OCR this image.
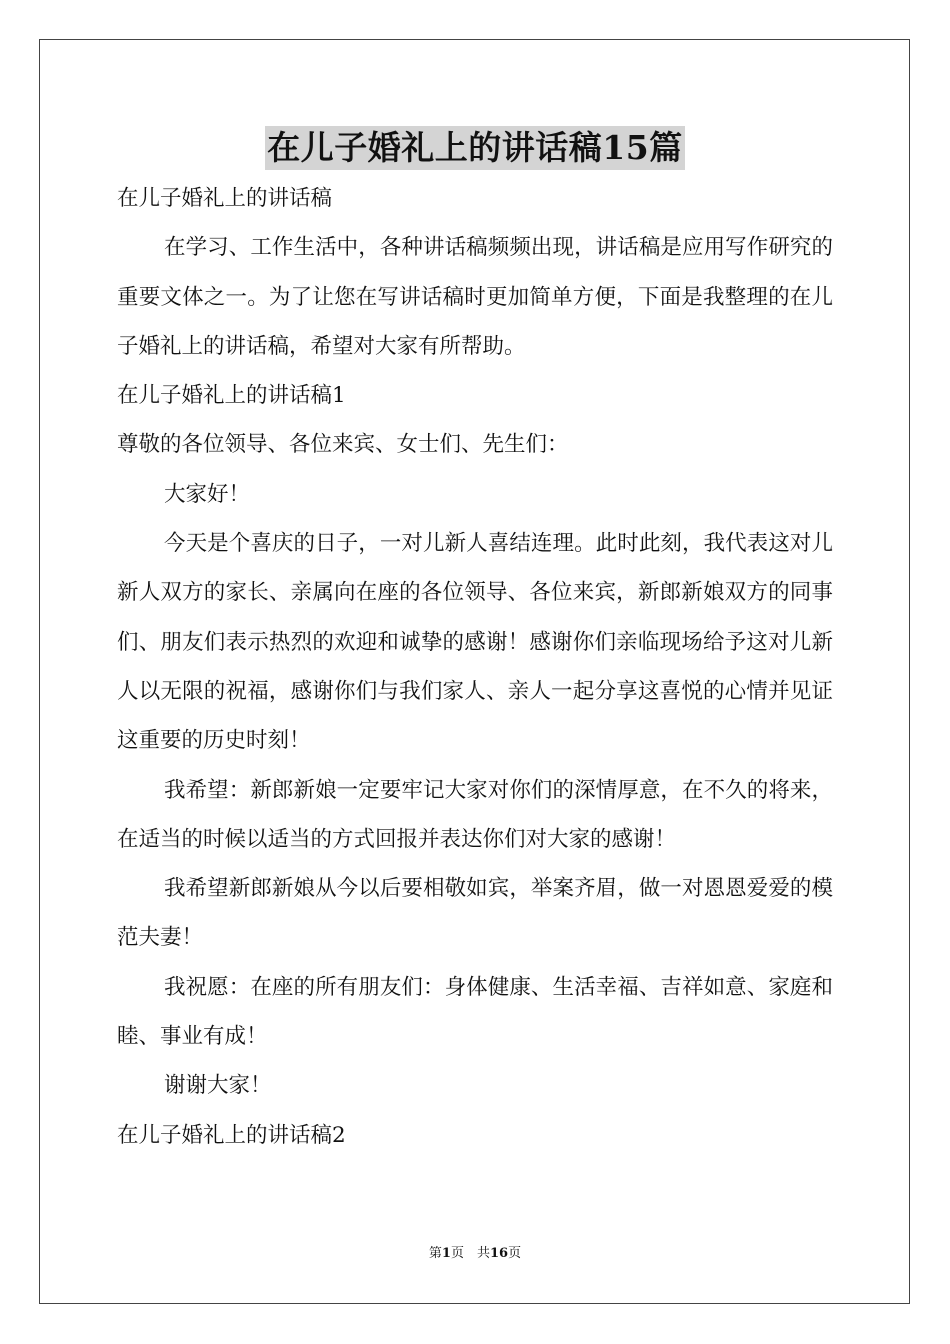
在儿子婚礼上的讲话稿15篇

在儿子婚礼上的讲话稿

在学习、工作生活中，各种讲话稿频频出现，讲话稿是应用写作研究的重要文体之一。为了让您在写讲话稿时更加简单方便，下面是我整理的在儿子婚礼上的讲话稿，希望对大家有所帮助。

在儿子婚礼上的讲话稿1

尊敬的各位领导、各位来宾、女士们、先生们：

大家好！

今天是个喜庆的日子，一对儿新人喜结连理。此时此刻，我代表这对儿新人双方的家长、亲属向在座的各位领导、各位来宾，新郎新娘双方的同事们、朋友们表示热烈的欢迎和诚挚的感谢！感谢你们亲临现场给予这对儿新人以无限的祝福，感谢你们与我们家人、亲人一起分享这喜悦的心情并见证这重要的历史时刻！

我希望：新郎新娘一定要牢记大家对你们的深情厚意，在不久的将来，在适当的时候以适当的方式回报并表达你们对大家的感谢！

我希望新郎新娘从今以后要相敬如宾，举案齐眉，做一对恩恩爱爱的模范夫妻！

我祝愿：在座的所有朋友们：身体健康、生活幸福、吉祥如意、家庭和睦、事业有成！

谢谢大家！

在儿子婚礼上的讲话稿2

第1页　共16页
